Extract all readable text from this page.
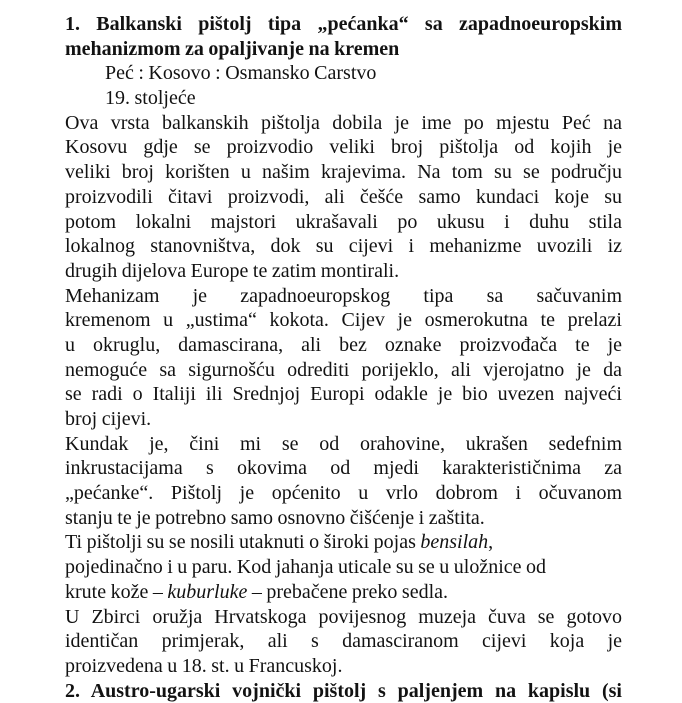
1. Balkanski pištolj tipa „pećanka“ sa zapadnoeuropskim
mehanizmom za opaljivanje na kremen
Peć : Kosovo : Osmansko Carstvo
19. stoljeće
Ova vrsta balkanskih pištolja dobila je ime po mjestu Peć na
Kosovu gdje se proizvodio veliki broj pištolja od kojih je
veliki broj korišten u našim krajevima. Na tom su se području
proizvodili čitavi proizvodi, ali češće samo kundaci koje su
potom lokalni majstori ukrašavali po ukusu i duhu stila
lokalnog stanovništva, dok su cijevi i mehanizme uvozili iz
drugih dijelova Europe te zatim montirali.
Mehanizam je zapadnoeuropskog tipa sa sačuvanim
kremenom u „ustima“ kokota. Cijev je osmerokutna te prelazi
u okruglu, damascirana, ali bez oznake proizvođača te je
nemoguće sa sigurnošću odrediti porijeklo, ali vjerojatno je da
se radi o Italiji ili Srednjoj Europi odakle je bio uvezen najveći
broj cijevi.
Kundak je, čini mi se od orahovine, ukrašen sedefnim
inkrustacijama s okovima od mjedi karakterističnima za
„pećanke“. Pištolj je općenito u vrlo dobrom i očuvanom
stanju te je potrebno samo osnovno čišćenje i zaštita.
Ti pištolji su se nosili utaknuti o široki pojas bensilah,
pojedinačno i u paru. Kod jahanja uticale su se u uložnice od
krute kože – kuburluke – prebačene preko sedla.
U Zbirci oružja Hrvatskoga povijesnog muzeja čuva se gotovo
identičan primjerak, ali s damasciranom cijevi koja je
proizvedena u 18. st. u Francuskoj.
2. Austro-ugarski vojnički pištolj s paljenjem na kapislu (si
